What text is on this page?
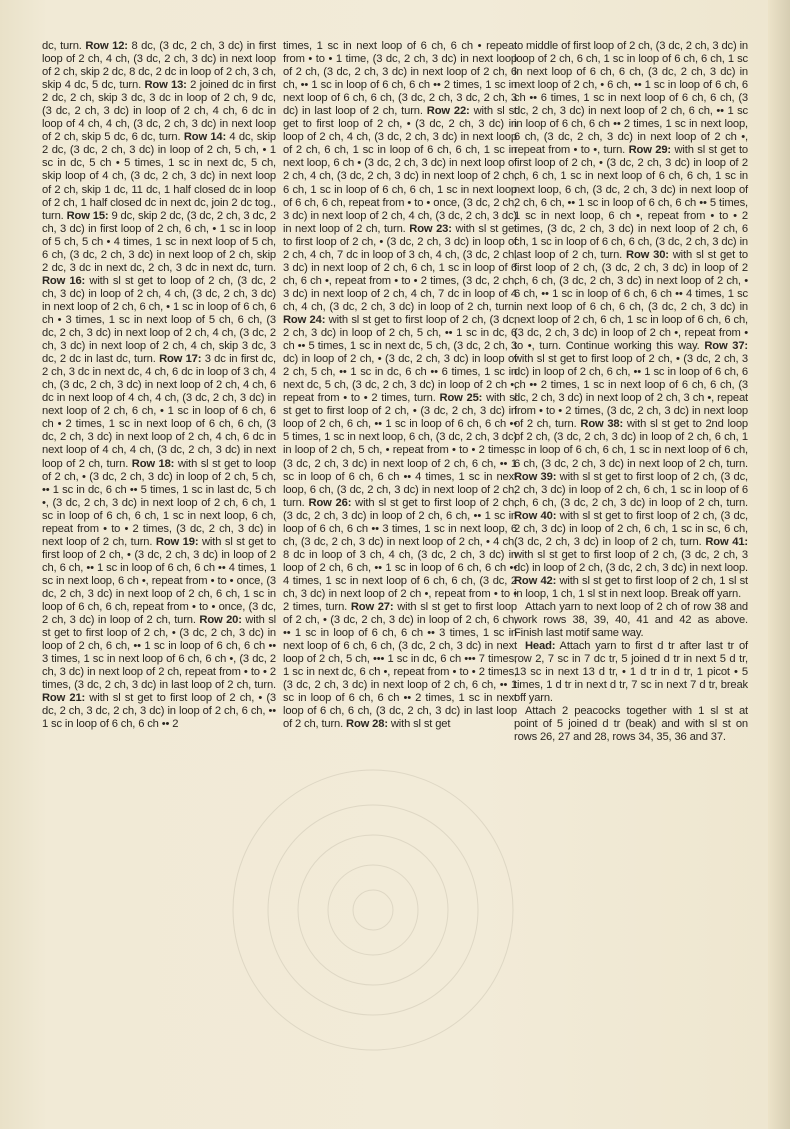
dc, turn. Row 12: 8 dc, (3 dc, 2 ch, 3 dc) in first loop of 2 ch, 4 ch, (3 dc, 2 ch, 3 dc) in next loop of 2 ch, skip 2 dc, 8 dc, 2 dc in loop of 2 ch, 3 ch, skip 4 dc, 5 dc, turn. Row 13: 2 joined dc in first 2 dc, 2 ch, skip 3 dc, 3 dc in loop of 2 ch, 9 dc, (3 dc, 2 ch, 3 dc) in loop of 2 ch, 4 ch, 6 dc in loop of 4 ch, 4 ch, (3 dc, 2 ch, 3 dc) in next loop of 2 ch, skip 5 dc, 6 dc, turn. Row 14: 4 dc, skip 2 dc, (3 dc, 2 ch, 3 dc) in loop of 2 ch, 5 ch, • 1 sc in dc, 5 ch • 5 times, 1 sc in next dc, 5 ch, skip loop of 4 ch, (3 dc, 2 ch, 3 dc) in next loop of 2 ch, skip 1 dc, 11 dc, 1 half closed dc in loop of 2 ch, 1 half closed dc in next dc, join 2 dc tog., turn. Row 15: 9 dc, skip 2 dc, (3 dc, 2 ch, 3 dc, 2 ch, 3 dc) in first loop of 2 ch, 6 ch, • 1 sc in loop of 5 ch, 5 ch • 4 times, 1 sc in next loop of 5 ch, 6 ch, (3 dc, 2 ch, 3 dc) in next loop of 2 ch, skip 2 dc, 3 dc in next dc, 2 ch, 3 dc in next dc, turn. Row 16: with sl st get to loop of 2 ch, (3 dc, 2 ch, 3 dc) in loop of 2 ch, 4 ch, (3 dc, 2 ch, 3 dc) in next loop of 2 ch, 6 ch, • 1 sc in loop of 6 ch, 6 ch • 3 times, 1 sc in next loop of 5 ch, 6 ch, (3 dc, 2 ch, 3 dc) in next loop of 2 ch, 4 ch, (3 dc, 2 ch, 3 dc) in next loop of 2 ch, 4 ch, skip 3 dc, 3 dc, 2 dc in last dc, turn. Row 17: 3 dc in first dc, 2 ch, 3 dc in next dc, 4 ch, 6 dc in loop of 3 ch, 4 ch, (3 dc, 2 ch, 3 dc) in next loop of 2 ch, 4 ch, 6 dc in next loop of 4 ch, 4 ch, (3 dc, 2 ch, 3 dc) in next loop of 2 ch, 6 ch, • 1 sc in loop of 6 ch, 6 ch • 2 times, 1 sc in next loop of 6 ch, 6 ch, (3 dc, 2 ch, 3 dc) in next loop of 2 ch, 4 ch, 6 dc in next loop of 4 ch, 4 ch, (3 dc, 2 ch, 3 dc) in next loop of 2 ch, turn. Row 18: with sl st get to loop of 2 ch, • (3 dc, 2 ch, 3 dc) in loop of 2 ch, 5 ch, •• 1 sc in dc, 6 ch •• 5 times, 1 sc in last dc, 5 ch •, (3 dc, 2 ch, 3 dc) in next loop of 2 ch, 6 ch, 1 sc in loop of 6 ch, 6 ch, 1 sc in next loop, 6 ch, repeat from • to • 2 times, (3 dc, 2 ch, 3 dc) in next loop of 2 ch, turn. Row 19: with sl st get to first loop of 2 ch, • (3 dc, 2 ch, 3 dc) in loop of 2 ch, 6 ch, •• 1 sc in loop of 6 ch, 6 ch •• 4 times, 1 sc in next loop, 6 ch •, repeat from • to • once, (3 dc, 2 ch, 3 dc) in next loop of 2 ch, 6 ch, 1 sc in loop of 6 ch, 6 ch, repeat from • to • once, (3 dc, 2 ch, 3 dc) in loop of 2 ch, turn. Row 20: with sl st get to first loop of 2 ch, • (3 dc, 2 ch, 3 dc) in loop of 2 ch, 6 ch, •• 1 sc in loop of 6 ch, 6 ch •• 3 times, 1 sc in next loop of 6 ch, 6 ch •, (3 dc, 2 ch, 3 dc) in next loop of 2 ch, repeat from • to • 2 times, (3 dc, 2 ch, 3 dc) in last loop of 2 ch, turn. Row 21: with sl st get to first loop of 2 ch, • (3 dc, 2 ch, 3 dc, 2 ch, 3 dc) in loop of 2 ch, 6 ch, •• 1 sc in loop of 6 ch, 6 ch •• 2

times, 1 sc in next loop of 6 ch, 6 ch • repeat from • to • 1 time, (3 dc, 2 ch, 3 dc) in next loop of 2 ch, (3 dc, 2 ch, 3 dc) in next loop of 2 ch, 6 ch, •• 1 sc in loop of 6 ch, 6 ch •• 2 times, 1 sc in next loop of 6 ch, 6 ch, (3 dc, 2 ch, 3 dc, 2 ch, 3 dc) in last loop of 2 ch, turn. Row 22: with sl st get to first loop of 2 ch, • (3 dc, 2 ch, 3 dc) in loop of 2 ch, 4 ch, (3 dc, 2 ch, 3 dc) in next loop of 2 ch, 6 ch, 1 sc in loop of 6 ch, 6 ch, 1 sc in next loop, 6 ch • (3 dc, 2 ch, 3 dc) in next loop of 2 ch, 4 ch, (3 dc, 2 ch, 3 dc) in next loop of 2 ch, 6 ch, 1 sc in loop of 6 ch, 6 ch, 1 sc in next loop of 6 ch, 6 ch, repeat from • to • once, (3 dc, 2 ch, 3 dc) in next loop of 2 ch, 4 ch, (3 dc, 2 ch, 3 dc) in next loop of 2 ch, turn. Row 23: with sl st get to first loop of 2 ch, • (3 dc, 2 ch, 3 dc) in loop of 2 ch, 4 ch, 7 dc in loop of 3 ch, 4 ch, (3 dc, 2 ch, 3 dc) in next loop of 2 ch, 6 ch, 1 sc in loop of 6 ch, 6 ch •, repeat from • to • 2 times, (3 dc, 2 ch, 3 dc) in next loop of 2 ch, 4 ch, 7 dc in loop of 4 ch, 4 ch, (3 dc, 2 ch, 3 dc) in loop of 2 ch, turn. Row 24: with sl st get to first loop of 2 ch, (3 dc, 2 ch, 3 dc) in loop of 2 ch, 5 ch, •• 1 sc in dc, 6 ch •• 5 times, 1 sc in next dc, 5 ch, (3 dc, 2 ch, 3 dc) in loop of 2 ch, • (3 dc, 2 ch, 3 dc) in loop of 2 ch, 5 ch, •• 1 sc in dc, 6 ch •• 6 times, 1 sc in next dc, 5 ch, (3 dc, 2 ch, 3 dc) in loop of 2 ch •, repeat from • to • 2 times, turn. Row 25: with sl st get to first loop of 2 ch, • (3 dc, 2 ch, 3 dc) in loop of 2 ch, 6 ch, •• 1 sc in loop of 6 ch, 6 ch •• 5 times, 1 sc in next loop, 6 ch, (3 dc, 2 ch, 3 dc) in loop of 2 ch, 5 ch, • repeat from • to • 2 times, (3 dc, 2 ch, 3 dc) in next loop of 2 ch, 6 ch, •• 1 sc in loop of 6 ch, 6 ch •• 4 times, 1 sc in next loop, 6 ch, (3 dc, 2 ch, 3 dc) in next loop of 2 ch, turn. Row 26: with sl st get to first loop of 2 ch, (3 dc, 2 ch, 3 dc) in loop of 2 ch, 6 ch, •• 1 sc in loop of 6 ch, 6 ch •• 3 times, 1 sc in next loop, 6 ch, (3 dc, 2 ch, 3 dc) in next loop of 2 ch, • 4 ch, 8 dc in loop of 3 ch, 4 ch, (3 dc, 2 ch, 3 dc) in loop of 2 ch, 6 ch, •• 1 sc in loop of 6 ch, 6 ch •• 4 times, 1 sc in next loop of 6 ch, 6 ch, (3 dc, 2 ch, 3 dc) in next loop of 2 ch •, repeat from • to • 2 times, turn. Row 27: with sl st get to first loop of 2 ch, • (3 dc, 2 ch, 3 dc) in loop of 2 ch, 6 ch, •• 1 sc in loop of 6 ch, 6 ch •• 3 times, 1 sc in next loop of 6 ch, 6 ch, (3 dc, 2 ch, 3 dc) in next loop of 2 ch, 5 ch, ••• 1 sc in dc, 6 ch ••• 7 times, 1 sc in next dc, 6 ch •, repeat from • to • 2 times, (3 dc, 2 ch, 3 dc) in next loop of 2 ch, 6 ch, •• 1 sc in loop of 6 ch, 6 ch •• 2 times, 1 sc in next loop of 6 ch, 6 ch, (3 dc, 2 ch, 3 dc) in last loop of 2 ch, turn. Row 28: with sl st get

to middle of first loop of 2 ch, (3 dc, 2 ch, 3 dc) in loop of 2 ch, 6 ch, 1 sc in loop of 6 ch, 6 ch, 1 sc in next loop of 6 ch, 6 ch, (3 dc, 2 ch, 3 dc) in next loop of 2 ch, • 6 ch, •• 1 sc in loop of 6 ch, 6 ch •• 6 times, 1 sc in next loop of 6 ch, 6 ch, (3 dc, 2 ch, 3 dc) in next loop of 2 ch, 6 ch, •• 1 sc in loop of 6 ch, 6 ch •• 2 times, 1 sc in next loop, 6 ch, (3 dc, 2 ch, 3 dc) in next loop of 2 ch •, repeat from • to •, turn. Row 29: with sl st get to first loop of 2 ch, • (3 dc, 2 ch, 3 dc) in loop of 2 ch, 6 ch, 1 sc in next loop of 6 ch, 6 ch, 1 sc in next loop, 6 ch, (3 dc, 2 ch, 3 dc) in next loop of 2 ch, 6 ch, •• 1 sc in loop of 6 ch, 6 ch •• 5 times, 1 sc in next loop, 6 ch •, repeat from • to • 2 times, (3 dc, 2 ch, 3 dc) in next loop of 2 ch, 6 ch, 1 sc in loop of 6 ch, 6 ch, (3 dc, 2 ch, 3 dc) in last loop of 2 ch, turn. Row 30: with sl st get to first loop of 2 ch, (3 dc, 2 ch, 3 dc) in loop of 2 ch, 6 ch, (3 dc, 2 ch, 3 dc) in next loop of 2 ch, • 6 ch, •• 1 sc in loop of 6 ch, 6 ch •• 4 times, 1 sc in next loop of 6 ch, 6 ch, (3 dc, 2 ch, 3 dc) in next loop of 2 ch, 6 ch, 1 sc in loop of 6 ch, 6 ch, (3 dc, 2 ch, 3 dc) in loop of 2 ch •, repeat from • to •, turn. Continue working this way. Row 37: with sl st get to first loop of 2 ch, • (3 dc, 2 ch, 3 dc) in loop of 2 ch, 6 ch, •• 1 sc in loop of 6 ch, 6 ch •• 2 times, 1 sc in next loop of 6 ch, 6 ch, (3 dc, 2 ch, 3 dc) in next loop of 2 ch, 3 ch •, repeat from • to • 2 times, (3 dc, 2 ch, 3 dc) in next loop of 2 ch, turn. Row 38: with sl st get to 2nd loop of 2 ch, (3 dc, 2 ch, 3 dc) in loop of 2 ch, 6 ch, 1 sc in loop of 6 ch, 6 ch, 1 sc in next loop of 6 ch, 6 ch, (3 dc, 2 ch, 3 dc) in next loop of 2 ch, turn. Row 39: with sl st get to first loop of 2 ch, (3 dc, 2 ch, 3 dc) in loop of 2 ch, 6 ch, 1 sc in loop of 6 ch, 6 ch, (3 dc, 2 ch, 3 dc) in loop of 2 ch, turn. Row 40: with sl st get to first loop of 2 ch, (3 dc, 2 ch, 3 dc) in loop of 2 ch, 6 ch, 1 sc in sc, 6 ch, (3 dc, 2 ch, 3 dc) in loop of 2 ch, turn. Row 41: with sl st get to first loop of 2 ch, (3 dc, 2 ch, 3 dc) in loop of 2 ch, (3 dc, 2 ch, 3 dc) in next loop. Row 42: with sl st get to first loop of 2 ch, 1 sl st in loop, 1 ch, 1 sl st in next loop. Break off yarn.

Attach yarn to next loop of 2 ch of row 38 and work rows 38, 39, 40, 41 and 42 as above. Finish last motif same way.

Head: Attach yarn to first d tr after last tr of row 2, 7 sc in 7 dc tr, 5 joined d tr in next 5 d tr, 13 sc in next 13 d tr, • 1 d tr in d tr, 1 picot • 5 times, 1 d tr in next d tr, 7 sc in next 7 d tr, break off yarn.

Attach 2 peacocks together with 1 sl st at point of 5 joined d tr (beak) and with sl st on rows 26, 27 and 28, rows 34, 35, 36 and 37.
